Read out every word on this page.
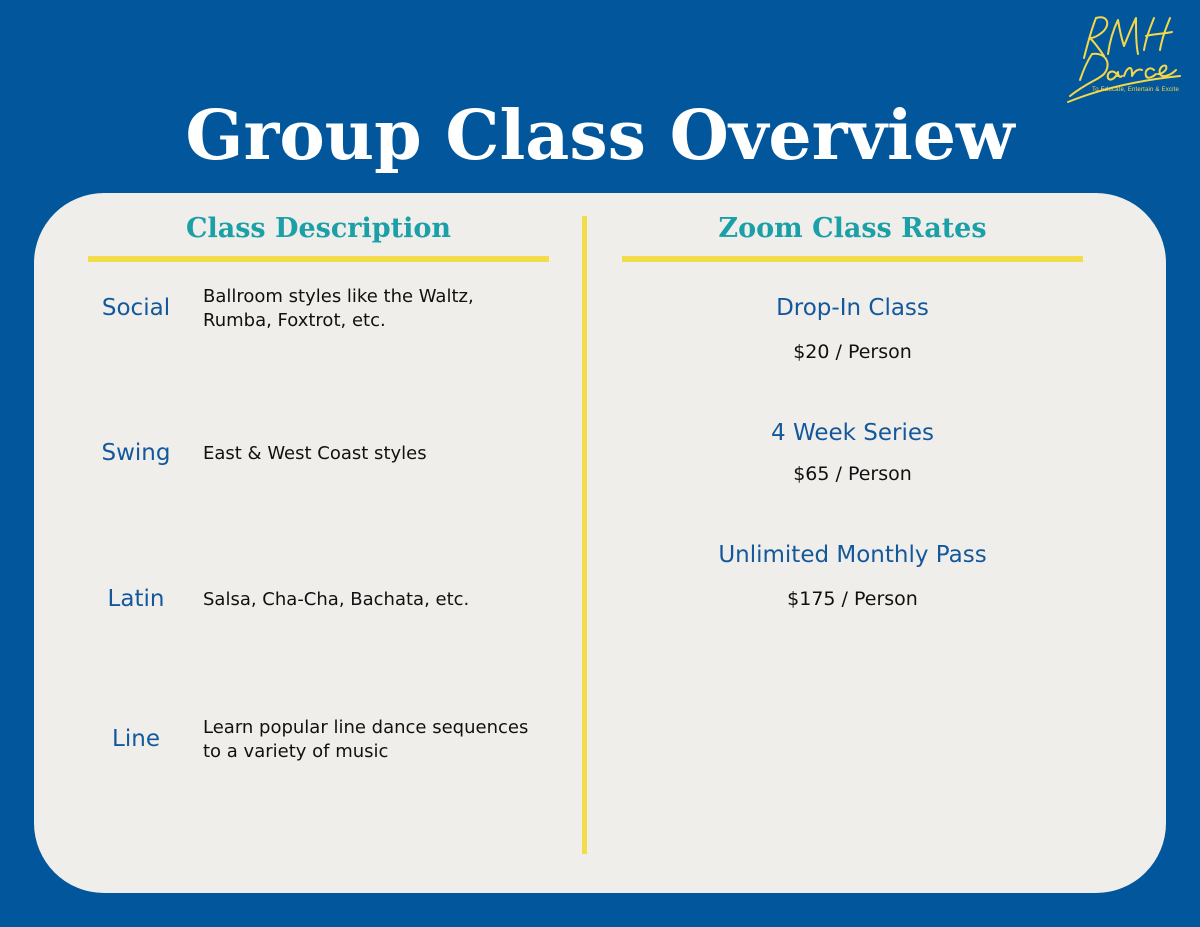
To Educate, Entertain & Excite
Group Class Overview
Class Description	Zoom Class Rates
Social	Ballroom styles like the Waltz, Rumba, Foxtrot, etc.
Swing	East & West Coast styles
Latin	Salsa, Cha-Cha, Bachata, etc.
Line	Learn popular line dance sequences to a variety of music
Drop-In Class
$20 / Person
4 Week Series
$65 / Person
Unlimited Monthly Pass
$175 / Person
